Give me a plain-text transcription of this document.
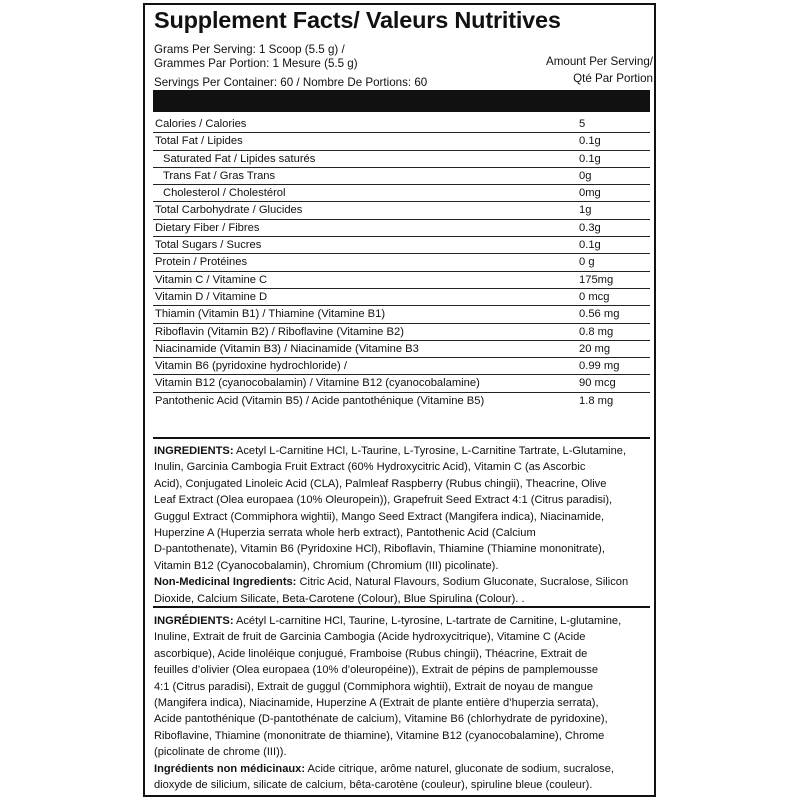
Supplement Facts/ Valeurs Nutritives
Grams Per Serving: 1 Scoop (5.5 g) /
Grammes Par Portion: 1 Mesure (5.5 g)
Servings Per Container: 60 / Nombre De Portions: 60
Amount Per Serving/
Qté Par Portion
Calories / Calories	5
Total Fat / Lipides	0.1g
Saturated Fat / Lipides saturés	0.1g
Trans Fat / Gras Trans	0g
Cholesterol / Cholestérol	0mg
Total Carbohydrate / Glucides	1g
Dietary Fiber / Fibres	0.3g
Total Sugars / Sucres	0.1g
Protein / Protéines	0 g
Vitamin C / Vitamine C	175mg
Vitamin D / Vitamine D	0 mcg
Thiamin (Vitamin B1) / Thiamine (Vitamine B1)	0.56 mg
Riboflavin (Vitamin B2) / Riboflavine (Vitamine B2)	0.8 mg
Niacinamide (Vitamin B3) / Niacinamide (Vitamine B3	20 mg
Vitamin B6 (pyridoxine hydrochloride) /	0.99 mg
Vitamin B12 (cyanocobalamin) / Vitamine B12 (cyanocobalamine)	90 mcg
Pantothenic Acid (Vitamin B5) / Acide pantothénique (Vitamine B5)	1.8 mg
INGREDIENTS: Acetyl L-Carnitine HCl, L-Taurine, L-Tyrosine, L-Carnitine Tartrate, L-Glutamine,
Inulin, Garcinia Cambogia Fruit Extract (60% Hydroxycitric Acid), Vitamin C (as Ascorbic
Acid), Conjugated Linoleic Acid (CLA), Palmleaf Raspberry (Rubus chingii), Theacrine, Olive
Leaf Extract (Olea europaea (10% Oleuropein)), Grapefruit Seed Extract 4:1 (Citrus paradisi),
Guggul Extract (Commiphora wightii), Mango Seed Extract (Mangifera indica), Niacinamide,
Huperzine A (Huperzia serrata whole herb extract), Pantothenic Acid (Calcium
D-pantothenate), Vitamin B6 (Pyridoxine HCl), Riboflavin, Thiamine (Thiamine mononitrate),
Vitamin B12 (Cyanocobalamin), Chromium (Chromium (III) picolinate).
Non-Medicinal Ingredients: Citric Acid, Natural Flavours, Sodium Gluconate, Sucralose, Silicon
Dioxide, Calcium Silicate, Beta-Carotene (Colour), Blue Spirulina (Colour). .
INGRÉDIENTS: Acétyl L-carnitine HCl, Taurine, L-tyrosine, L-tartrate de Carnitine, L-glutamine,
Inuline, Extrait de fruit de Garcinia Cambogia (Acide hydroxycitrique), Vitamine C (Acide
ascorbique), Acide linoléique conjugué, Framboise (Rubus chingii), Théacrine, Extrait de
feuilles d’olivier (Olea europaea (10% d’oleuropéine)), Extrait de pépins de pamplemousse
4:1 (Citrus paradisi), Extrait de guggul (Commiphora wightii), Extrait de noyau de mangue
(Mangifera indica), Niacinamide, Huperzine A (Extrait de plante entière d’huperzia serrata),
Acide pantothénique (D-pantothénate de calcium), Vitamine B6 (chlorhydrate de pyridoxine),
Riboflavine, Thiamine (mononitrate de thiamine), Vitamine B12 (cyanocobalamine), Chrome
(picolinate de chrome (III)).
Ingrédients non médicinaux: Acide citrique, arôme naturel, gluconate de sodium, sucralose,
dioxyde de silicium, silicate de calcium, bêta-carotène (couleur), spiruline bleue (couleur).
